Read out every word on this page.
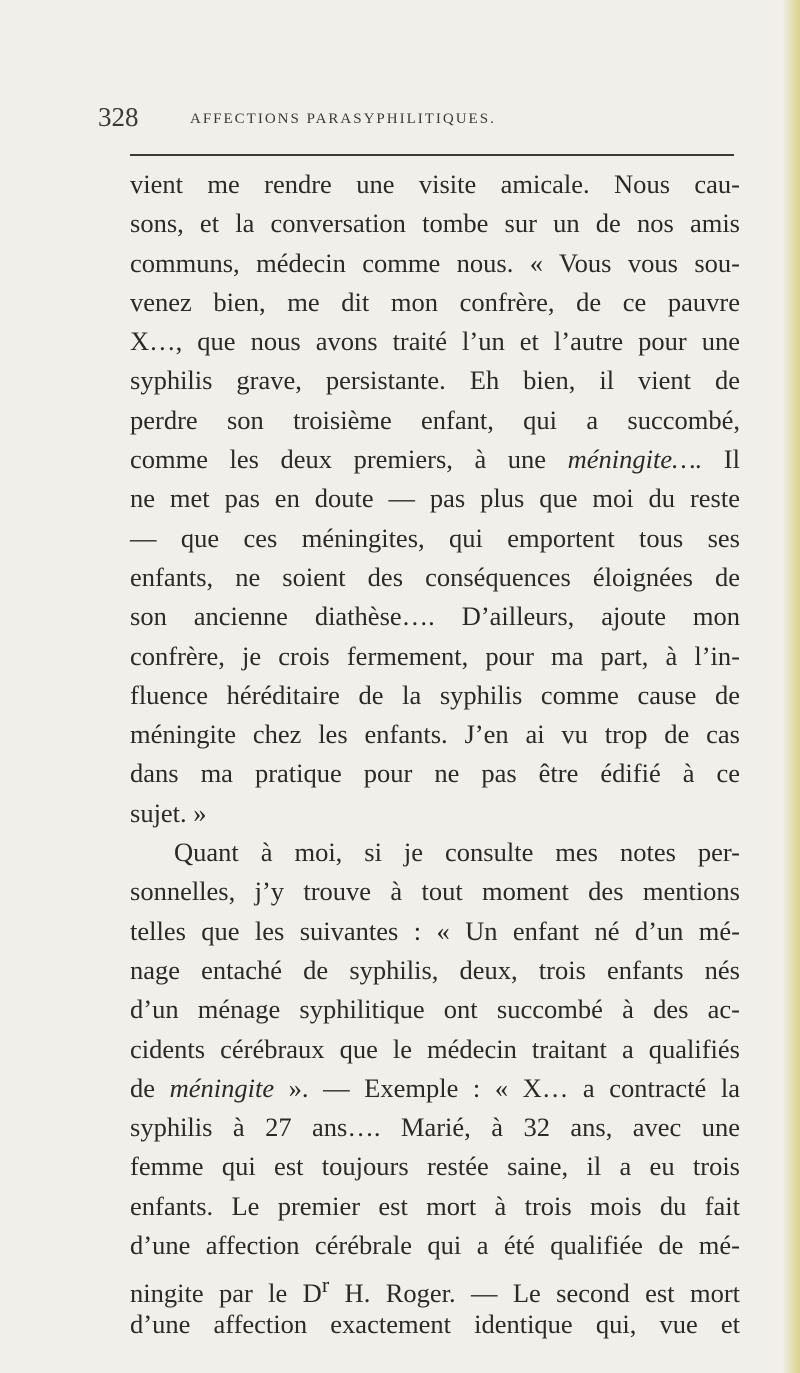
328	AFFECTIONS PARASYPHILITIQUES.
vient me rendre une visite amicale. Nous cau-
sons, et la conversation tombe sur un de nos amis
communs, médecin comme nous. « Vous vous sou-
venez bien, me dit mon confrère, de ce pauvre
X…, que nous avons traité l’un et l’autre pour une
syphilis grave, persistante. Eh bien, il vient de
perdre son troisième enfant, qui a succombé,
comme les deux premiers, à une méningite…. Il
ne met pas en doute — pas plus que moi du reste
— que ces méningites, qui emportent tous ses
enfants, ne soient des conséquences éloignées de
son ancienne diathèse…. D’ailleurs, ajoute mon
confrère, je crois fermement, pour ma part, à l’in-
fluence héréditaire de la syphilis comme cause de
méningite chez les enfants. J’en ai vu trop de cas
dans ma pratique pour ne pas être édifié à ce
sujet. »
Quant à moi, si je consulte mes notes per-
sonnelles, j’y trouve à tout moment des mentions
telles que les suivantes : « Un enfant né d’un mé-
nage entaché de syphilis, deux, trois enfants nés
d’un ménage syphilitique ont succombé à des ac-
cidents cérébraux que le médecin traitant a qualifiés
de méningite ». — Exemple : « X… a contracté la
syphilis à 27 ans…. Marié, à 32 ans, avec une
femme qui est toujours restée saine, il a eu trois
enfants. Le premier est mort à trois mois du fait
d’une affection cérébrale qui a été qualifiée de mé-
ningite par le $D^r$ H. Roger. — Le second est mort
d’une affection exactement identique qui, vue et
